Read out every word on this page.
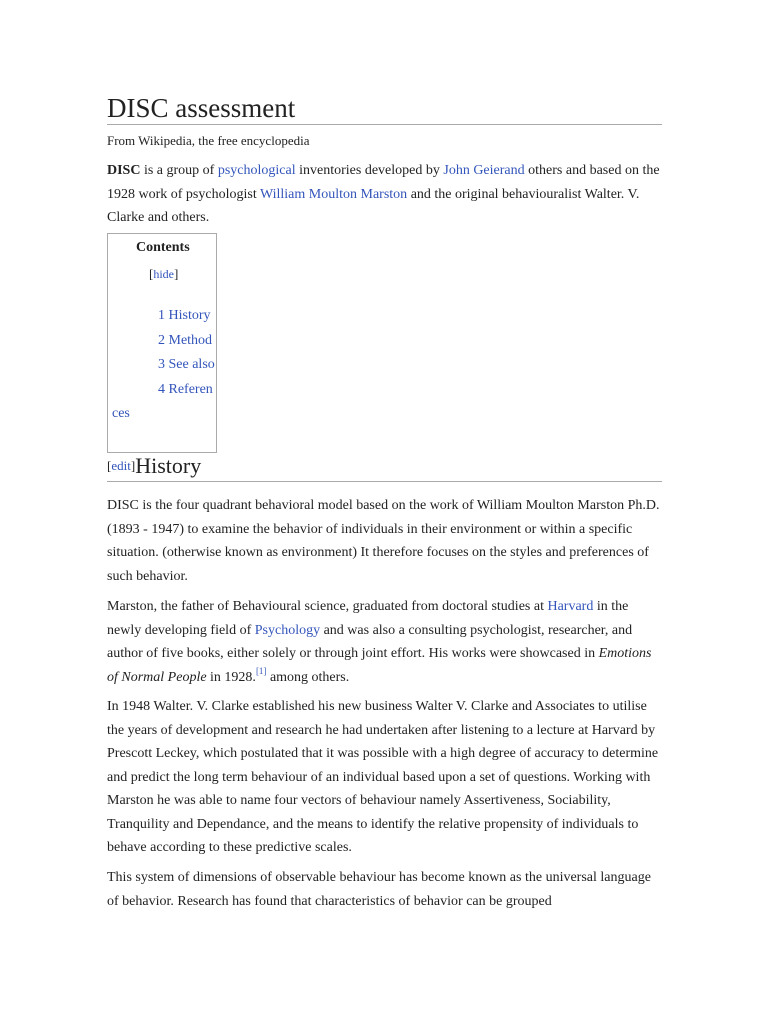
DISC assessment
From Wikipedia, the free encyclopedia

DISC is a group of psychological inventories developed by John Geierand others and based on the 1928 work of psychologist William Moulton Marston and the original behaviouralist Walter. V. Clarke and others.

Contents
[hide]
1 History
2 Method
3 See also
4 References
[edit]History

DISC is the four quadrant behavioral model based on the work of William Moulton Marston Ph.D. (1893 - 1947) to examine the behavior of individuals in their environment or within a specific situation. (otherwise known as environment) It therefore focuses on the styles and preferences of such behavior.

Marston, the father of Behavioural science, graduated from doctoral studies at Harvard in the newly developing field of Psychology and was also a consulting psychologist, researcher, and author of five books, either solely or through joint effort. His works were showcased in Emotions of Normal People in 1928.[1] among others.

In 1948 Walter. V. Clarke established his new business Walter V. Clarke and Associates to utilise the years of development and research he had undertaken after listening to a lecture at Harvard by Prescott Leckey, which postulated that it was possible with a high degree of accuracy to determine and predict the long term behaviour of an individual based upon a set of questions. Working with Marston he was able to name four vectors of behaviour namely Assertiveness, Sociability, Tranquility and Dependance, and the means to identify the relative propensity of individuals to behave according to these predictive scales.

This system of dimensions of observable behaviour has become known as the universal language of behavior. Research has found that characteristics of behavior can be grouped
